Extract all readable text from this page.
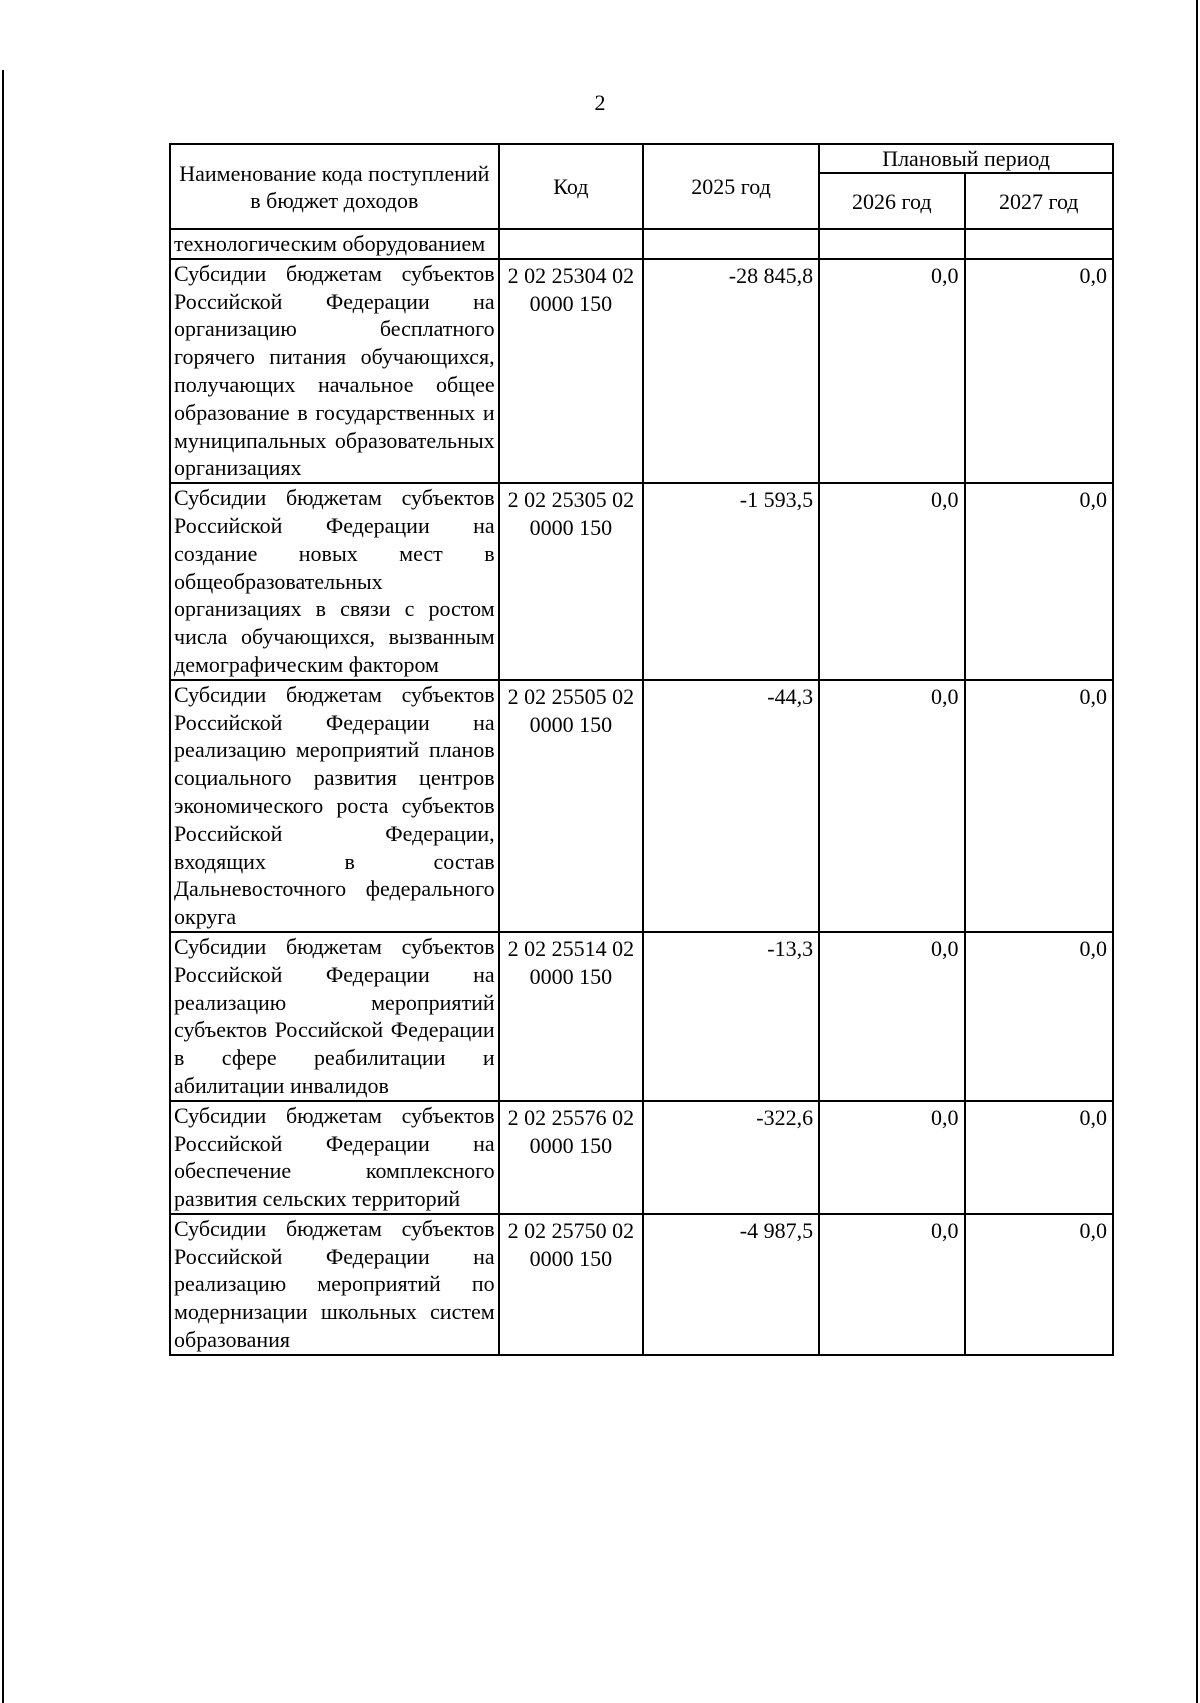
2
Наименование кода поступлений в бюджет доходов	Код	2025 год	Плановый период	
			2026 год	2027 год
технологическим оборудованием				
Субсидии бюджетам субъектов Российской Федерации на организацию бесплатного горячего питания обучающихся, получающих начальное общее образование в государственных и муниципальных образовательных организациях	2 02 25304 02 0000 150	-28 845,8	0,0	0,0
Субсидии бюджетам субъектов Российской Федерации на создание новых мест в общеобразовательных организациях в связи с ростом числа обучающихся, вызванным демографическим фактором	2 02 25305 02 0000 150	-1 593,5	0,0	0,0
Субсидии бюджетам субъектов Российской Федерации на реализацию мероприятий планов социального развития центров экономического роста субъектов Российской Федерации, входящих в состав Дальневосточного федерального округа	2 02 25505 02 0000 150	-44,3	0,0	0,0
Субсидии бюджетам субъектов Российской Федерации на реализацию мероприятий субъектов Российской Федерации в сфере реабилитации и абилитации инвалидов	2 02 25514 02 0000 150	-13,3	0,0	0,0
Субсидии бюджетам субъектов Российской Федерации на обеспечение комплексного развития сельских территорий	2 02 25576 02 0000 150	-322,6	0,0	0,0
Субсидии бюджетам субъектов Российской Федерации на реализацию мероприятий по модернизации школьных систем образования	2 02 25750 02 0000 150	-4 987,5	0,0	0,0
